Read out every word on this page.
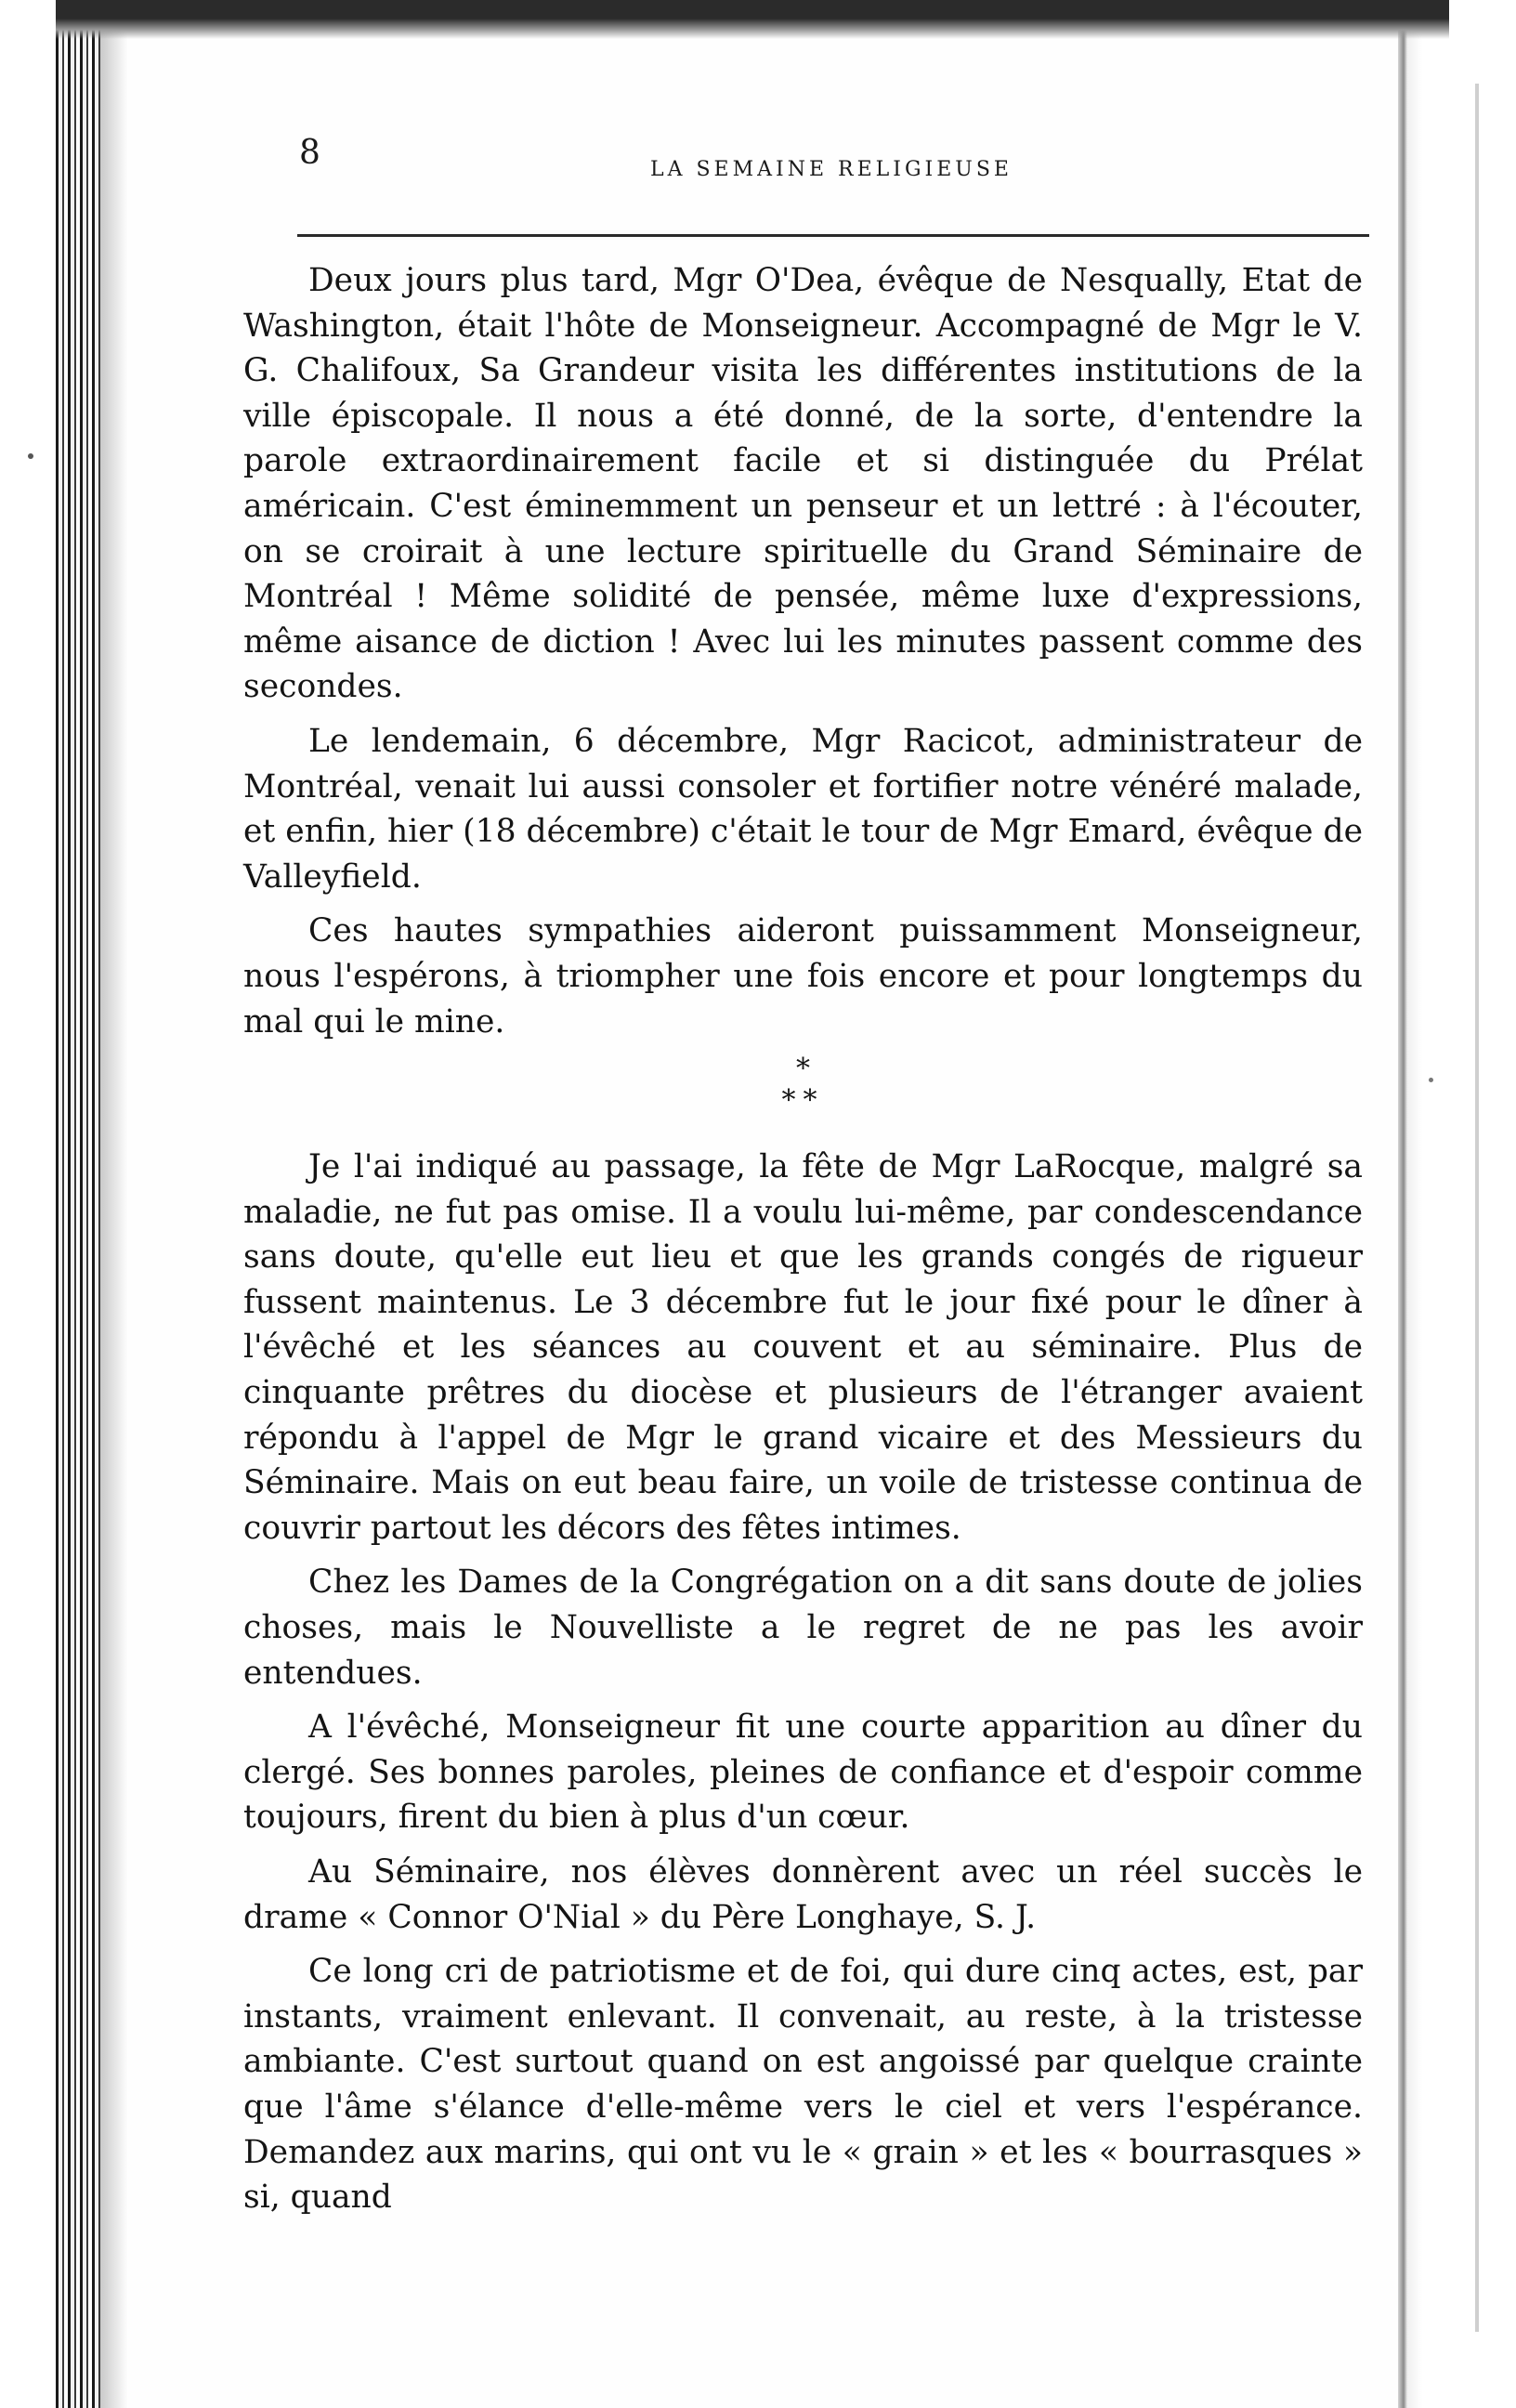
8	LA SEMAINE RELIGIEUSE

Deux jours plus tard, Mgr O'Dea, évêque de Nesqually, Etat de Washington, était l'hôte de Monseigneur. Accompagné de Mgr le V. G. Chalifoux, Sa Grandeur visita les différentes institutions de la ville épiscopale. Il nous a été donné, de la sorte, d'entendre la parole extraordinairement facile et si distinguée du Prélat américain. C'est éminemment un penseur et un lettré : à l'écouter, on se croirait à une lecture spirituelle du Grand Séminaire de Montréal ! Même solidité de pensée, même luxe d'expressions, même aisance de diction ! Avec lui les minutes passent comme des secondes.

Le lendemain, 6 décembre, Mgr Racicot, administrateur de Montréal, venait lui aussi consoler et fortifier notre vénéré malade, et enfin, hier (18 décembre) c'était le tour de Mgr Emard, évêque de Valleyfield.

Ces hautes sympathies aideront puissamment Monseigneur, nous l'espérons, à triompher une fois encore et pour longtemps du mal qui le mine.

*
**

Je l'ai indiqué au passage, la fête de Mgr LaRocque, malgré sa maladie, ne fut pas omise. Il a voulu lui-même, par condescendance sans doute, qu'elle eut lieu et que les grands congés de rigueur fussent maintenus. Le 3 décembre fut le jour fixé pour le dîner à l'évêché et les séances au couvent et au séminaire. Plus de cinquante prêtres du diocèse et plusieurs de l'étranger avaient répondu à l'appel de Mgr le grand vicaire et des Messieurs du Séminaire. Mais on eut beau faire, un voile de tristesse continua de couvrir partout les décors des fêtes intimes.

Chez les Dames de la Congrégation on a dit sans doute de jolies choses, mais le Nouvelliste a le regret de ne pas les avoir entendues.

A l'évêché, Monseigneur fit une courte apparition au dîner du clergé. Ses bonnes paroles, pleines de confiance et d'espoir comme toujours, firent du bien à plus d'un cœur.

Au Séminaire, nos élèves donnèrent avec un réel succès le drame « Connor O'Nial » du Père Longhaye, S. J.

Ce long cri de patriotisme et de foi, qui dure cinq actes, est, par instants, vraiment enlevant. Il convenait, au reste, à la tristesse ambiante. C'est surtout quand on est angoissé par quelque crainte que l'âme s'élance d'elle-même vers le ciel et vers l'espérance. Demandez aux marins, qui ont vu le « grain » et les « bourrasques » si, quand
